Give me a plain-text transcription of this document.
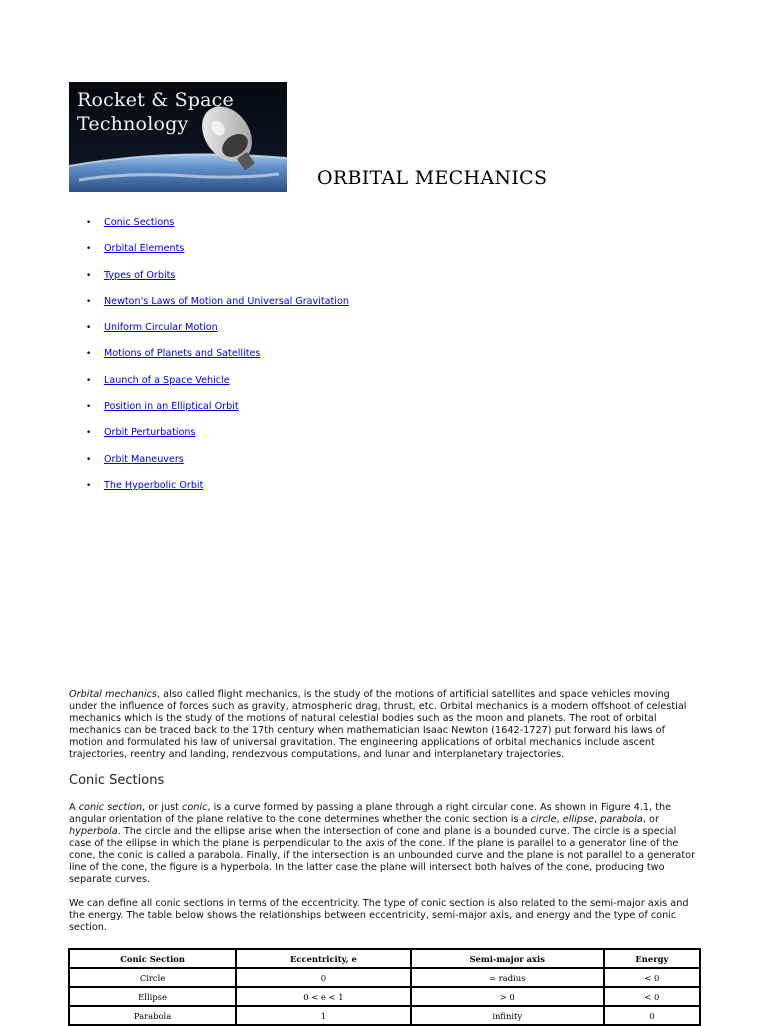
Rocket & Space
Technology
ORBITAL MECHANICS
• Conic Sections
• Orbital Elements
• Types of Orbits
• Newton's Laws of Motion and Universal Gravitation
• Uniform Circular Motion
• Motions of Planets and Satellites
• Launch of a Space Vehicle
• Position in an Elliptical Orbit
• Orbit Perturbations
• Orbit Maneuvers
• The Hyperbolic Orbit
·

Orbital mechanics, also called flight mechanics, is the study of the motions of artificial satellites and space vehicles moving under the influence of forces such as gravity, atmospheric drag, thrust, etc. Orbital mechanics is a modern offshoot of celestial mechanics which is the study of the motions of natural celestial bodies such as the moon and planets. The root of orbital mechanics can be traced back to the 17th century when mathematician Isaac Newton (1642-1727) put forward his laws of motion and formulated his law of universal gravitation. The engineering applications of orbital mechanics include ascent trajectories, reentry and landing, rendezvous computations, and lunar and interplanetary trajectories.

Conic Sections

A conic section, or just conic, is a curve formed by passing a plane through a right circular cone. As shown in Figure 4.1, the angular orientation of the plane relative to the cone determines whether the conic section is a circle, ellipse, parabola, or hyperbola. The circle and the ellipse arise when the intersection of cone and plane is a bounded curve. The circle is a special case of the ellipse in which the plane is perpendicular to the axis of the cone. If the plane is parallel to a generator line of the cone, the conic is called a parabola. Finally, if the intersection is an unbounded curve and the plane is not parallel to a generator line of the cone, the figure is a hyperbola. In the latter case the plane will intersect both halves of the cone, producing two separate curves.

We can define all conic sections in terms of the eccentricity. The type of conic section is also related to the semi-major axis and the energy. The table below shows the relationships between eccentricity, semi-major axis, and energy and the type of conic section.

Conic Section	Eccentricity, e	Semi-major axis	Energy
Circle	0	= radius	< 0
Ellipse	0 < e < 1	> 0	< 0
Parabola	1	infinity	0
